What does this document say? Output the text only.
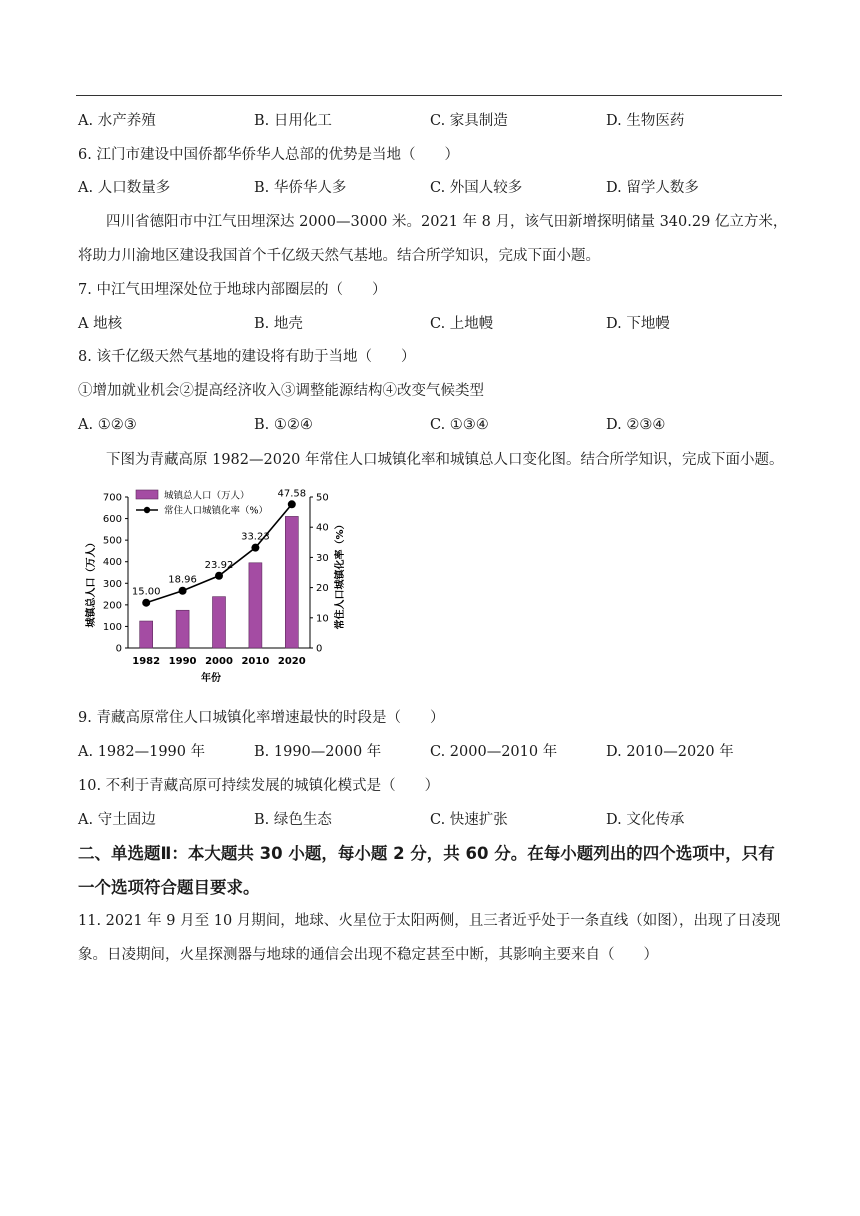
A. 水产养殖	B. 日用化工	C. 家具制造	D. 生物医药
6. 江门市建设中国侨都华侨华人总部的优势是当地（　　）
A. 人口数量多	B. 华侨华人多	C. 外国人较多	D. 留学人数多
四川省德阳市中江气田埋深达 2000—3000 米。2021 年 8 月，该气田新增探明储量 340.29 亿立方米，
将助力川渝地区建设我国首个千亿级天然气基地。结合所学知识，完成下面小题。
7. 中江气田埋深处位于地球内部圈层的（　　）
A 地核	B. 地壳	C. 上地幔	D. 下地幔
8. 该千亿级天然气基地的建设将有助于当地（　　）
①增加就业机会②提高经济收入③调整能源结构④改变气候类型
A. ①②③	B. ①②④	C. ①③④	D. ②③④
下图为青藏高原 1982—2020 年常住人口城镇化率和城镇总人口变化图。结合所学知识，完成下面小题。
0
100
200
300
400
500
600
700
0
10
20
30
40
50
15.00
18.96
23.92
33.23
47.58
1982 1990 2000 2010 2020
年份
城镇总人口（万人）	常住人口城镇化率（%）
城镇总人口（万人）
常住人口城镇化率（%）
9. 青藏高原常住人口城镇化率增速最快的时段是（　　）
A. 1982—1990 年	B. 1990—2000 年	C. 2000—2010 年	D. 2010—2020 年
10. 不利于青藏高原可持续发展的城镇化模式是（　　）
A. 守土固边	B. 绿色生态	C. 快速扩张	D. 文化传承
二、单选题Ⅱ：本大题共 30 小题，每小题 2 分，共 60 分。在每小题列出的四个选项中，只有
一个选项符合题目要求。
11. 2021 年 9 月至 10 月期间，地球、火星位于太阳两侧，且三者近乎处于一条直线（如图），出现了日凌现
象。日凌期间，火星探测器与地球的通信会出现不稳定甚至中断，其影响主要来自（　　）
